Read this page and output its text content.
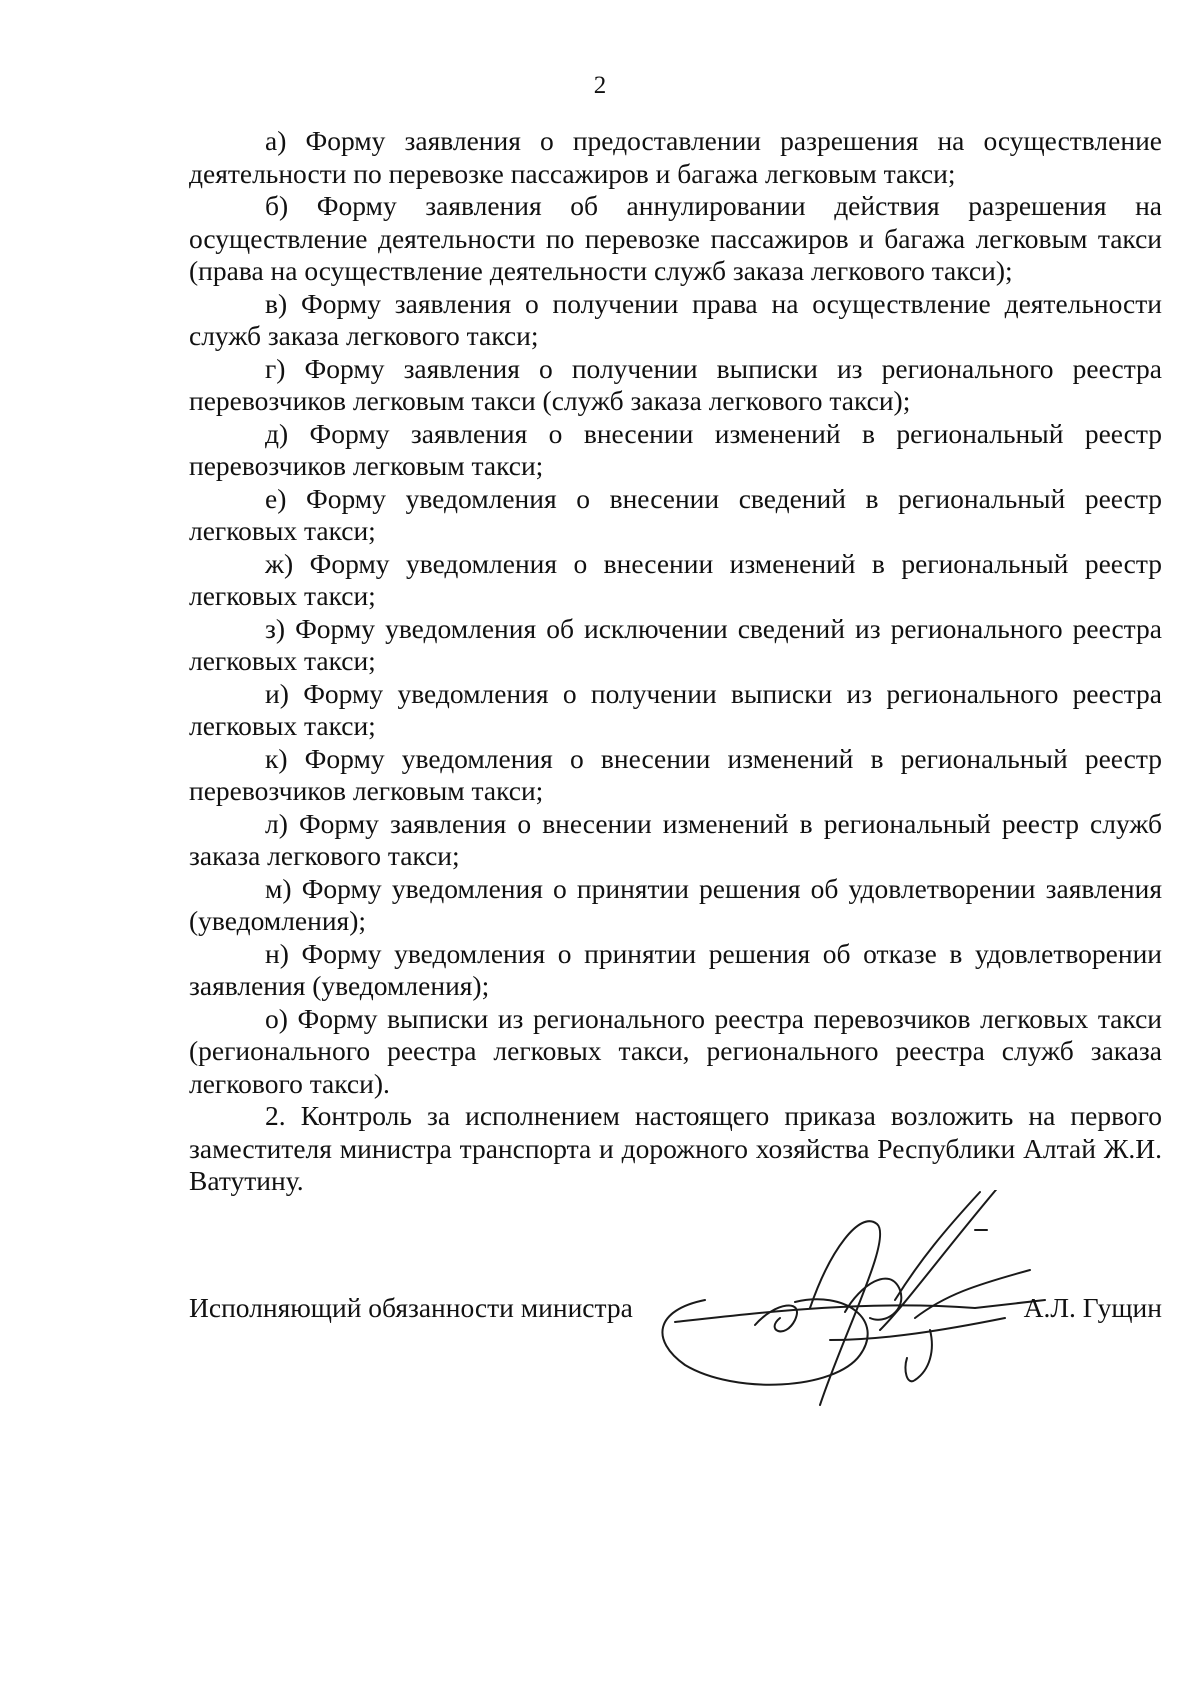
2

а) Форму заявления о предоставлении разрешения на осуществление деятельности по перевозке пассажиров и багажа легковым такси;

б) Форму заявления об аннулировании действия разрешения на осуществление деятельности по перевозке пассажиров и багажа легковым такси (права на осуществление деятельности служб заказа легкового такси);

в) Форму заявления о получении права на осуществление деятельности служб заказа легкового такси;

г) Форму заявления о получении выписки из регионального реестра перевозчиков легковым такси (служб заказа легкового такси);

д) Форму заявления о внесении изменений в региональный реестр перевозчиков легковым такси;

е) Форму уведомления о внесении сведений в региональный реестр легковых такси;

ж) Форму уведомления о внесении изменений в региональный реестр легковых такси;

з) Форму уведомления об исключении сведений из регионального реестра легковых такси;

и) Форму уведомления о получении выписки из регионального реестра легковых такси;

к) Форму уведомления о внесении изменений в региональный реестр перевозчиков легковым такси;

л) Форму заявления о внесении изменений в региональный реестр служб заказа легкового такси;

м) Форму уведомления о принятии решения об удовлетворении заявления (уведомления);

н) Форму уведомления о принятии решения об отказе в удовлетворении заявления (уведомления);

о) Форму выписки из регионального реестра перевозчиков легковых такси (регионального реестра легковых такси, регионального реестра служб заказа легкового такси).

2. Контроль за исполнением настоящего приказа возложить на первого заместителя министра транспорта и дорожного хозяйства Республики Алтай Ж.И. Ватутину.

Исполняющий обязанности министра	А.Л. Гущин
